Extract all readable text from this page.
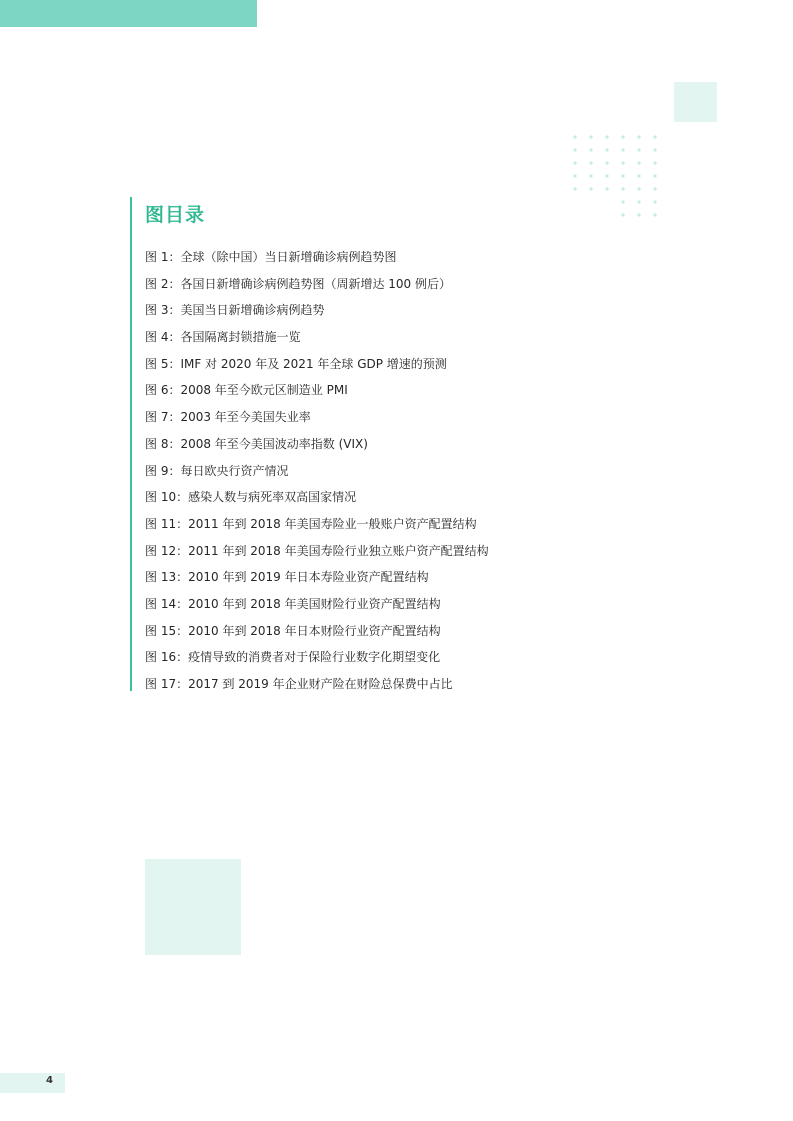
图目录
图 1：全球（除中国）当日新增确诊病例趋势图
图 2：各国日新增确诊病例趋势图（周新增达 100 例后）
图 3：美国当日新增确诊病例趋势
图 4：各国隔离封锁措施一览
图 5：IMF 对 2020 年及 2021 年全球 GDP 增速的预测
图 6：2008 年至今欧元区制造业 PMI
图 7：2003 年至今美国失业率
图 8：2008 年至今美国波动率指数 (VIX)
图 9：每日欧央行资产情况
图 10：感染人数与病死率双高国家情况
图 11：2011 年到 2018 年美国寿险业一般账户资产配置结构
图 12：2011 年到 2018 年美国寿险行业独立账户资产配置结构
图 13：2010 年到 2019 年日本寿险业资产配置结构
图 14：2010 年到 2018 年美国财险行业资产配置结构
图 15：2010 年到 2018 年日本财险行业资产配置结构
图 16：疫情导致的消费者对于保险行业数字化期望变化
图 17：2017 到 2019 年企业财产险在财险总保费中占比
4
